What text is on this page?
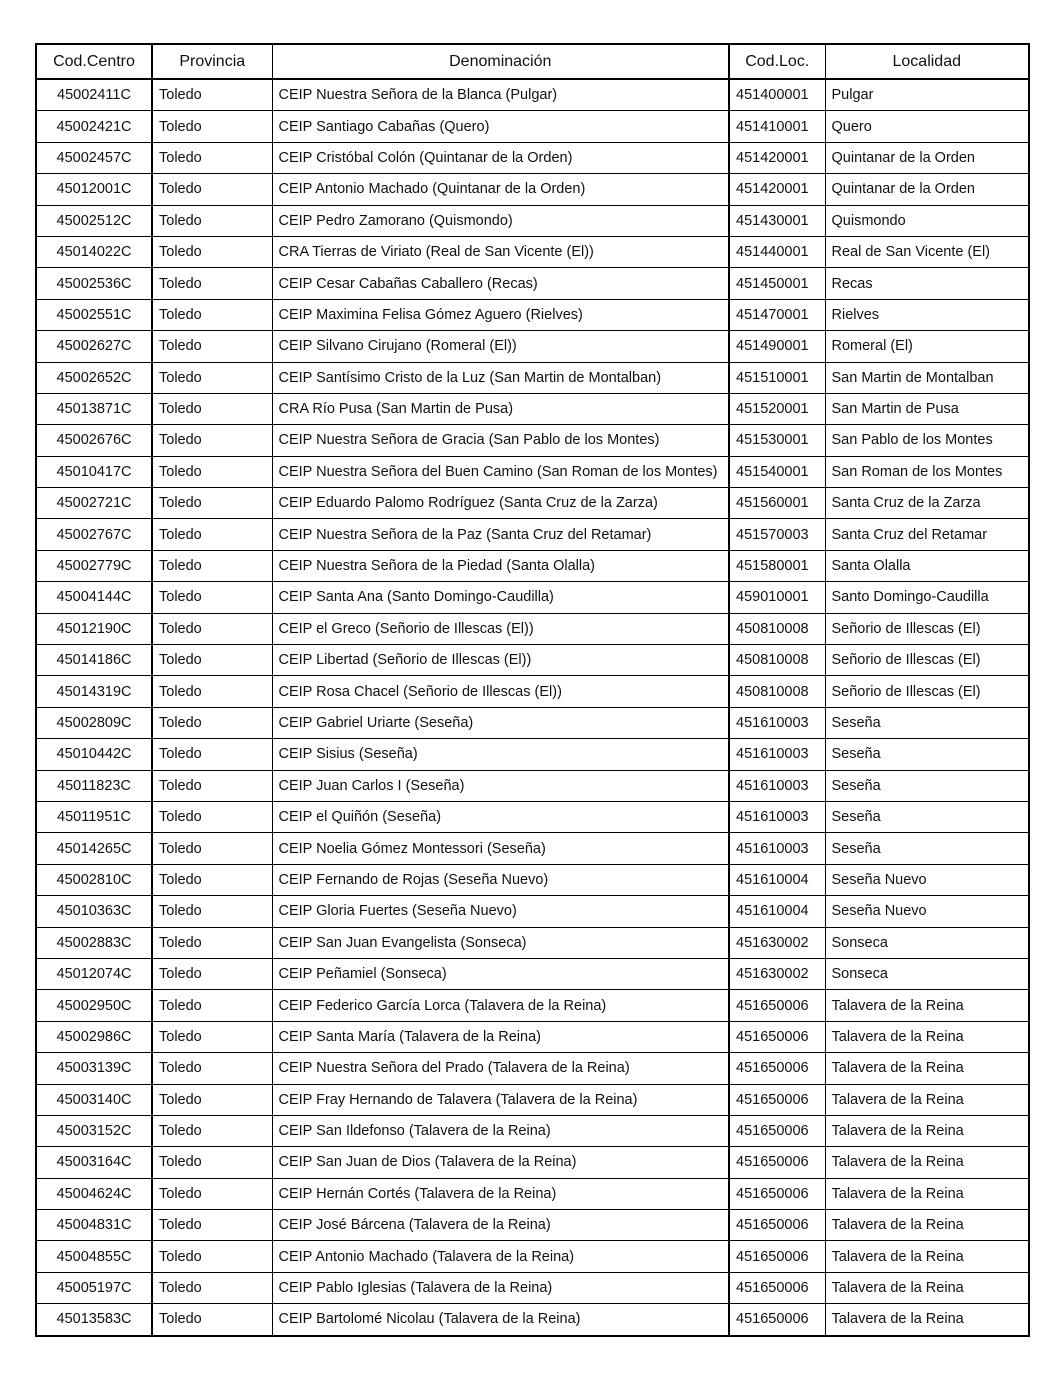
Cod.Centro	Provincia	Denominación	Cod.Loc.	Localidad
45002411C	Toledo	CEIP Nuestra Señora de la Blanca (Pulgar)	451400001	Pulgar
45002421C	Toledo	CEIP Santiago Cabañas (Quero)	451410001	Quero
45002457C	Toledo	CEIP Cristóbal Colón (Quintanar de la Orden)	451420001	Quintanar de la Orden
45012001C	Toledo	CEIP Antonio Machado (Quintanar de la Orden)	451420001	Quintanar de la Orden
45002512C	Toledo	CEIP Pedro Zamorano (Quismondo)	451430001	Quismondo
45014022C	Toledo	CRA Tierras de Viriato (Real de San Vicente (El))	451440001	Real de San Vicente (El)
45002536C	Toledo	CEIP Cesar Cabañas Caballero (Recas)	451450001	Recas
45002551C	Toledo	CEIP Maximina Felisa Gómez Aguero (Rielves)	451470001	Rielves
45002627C	Toledo	CEIP Silvano Cirujano (Romeral (El))	451490001	Romeral (El)
45002652C	Toledo	CEIP Santísimo Cristo de la Luz (San Martin de Montalban)	451510001	San Martin de Montalban
45013871C	Toledo	CRA Río Pusa (San Martin de Pusa)	451520001	San Martin de Pusa
45002676C	Toledo	CEIP Nuestra Señora de Gracia (San Pablo de los Montes)	451530001	San Pablo de los Montes
45010417C	Toledo	CEIP Nuestra Señora del Buen Camino (San Roman de los Montes)	451540001	San Roman de los Montes
45002721C	Toledo	CEIP Eduardo Palomo Rodríguez (Santa Cruz de la Zarza)	451560001	Santa Cruz de la Zarza
45002767C	Toledo	CEIP Nuestra Señora de la Paz (Santa Cruz del Retamar)	451570003	Santa Cruz del Retamar
45002779C	Toledo	CEIP Nuestra Señora de la Piedad (Santa Olalla)	451580001	Santa Olalla
45004144C	Toledo	CEIP Santa Ana (Santo Domingo-Caudilla)	459010001	Santo Domingo-Caudilla
45012190C	Toledo	CEIP el Greco (Señorio de Illescas (El))	450810008	Señorio de Illescas (El)
45014186C	Toledo	CEIP Libertad (Señorio de Illescas (El))	450810008	Señorio de Illescas (El)
45014319C	Toledo	CEIP Rosa Chacel (Señorio de Illescas (El))	450810008	Señorio de Illescas (El)
45002809C	Toledo	CEIP Gabriel Uriarte (Seseña)	451610003	Seseña
45010442C	Toledo	CEIP Sisius (Seseña)	451610003	Seseña
45011823C	Toledo	CEIP Juan Carlos I (Seseña)	451610003	Seseña
45011951C	Toledo	CEIP el Quiñón (Seseña)	451610003	Seseña
45014265C	Toledo	CEIP Noelia Gómez Montessori (Seseña)	451610003	Seseña
45002810C	Toledo	CEIP Fernando de Rojas (Seseña Nuevo)	451610004	Seseña Nuevo
45010363C	Toledo	CEIP Gloria Fuertes (Seseña Nuevo)	451610004	Seseña Nuevo
45002883C	Toledo	CEIP San Juan Evangelista (Sonseca)	451630002	Sonseca
45012074C	Toledo	CEIP Peñamiel (Sonseca)	451630002	Sonseca
45002950C	Toledo	CEIP Federico García Lorca (Talavera de la Reina)	451650006	Talavera de la Reina
45002986C	Toledo	CEIP Santa María (Talavera de la Reina)	451650006	Talavera de la Reina
45003139C	Toledo	CEIP Nuestra Señora del Prado (Talavera de la Reina)	451650006	Talavera de la Reina
45003140C	Toledo	CEIP Fray Hernando de Talavera (Talavera de la Reina)	451650006	Talavera de la Reina
45003152C	Toledo	CEIP San Ildefonso (Talavera de la Reina)	451650006	Talavera de la Reina
45003164C	Toledo	CEIP San Juan de Dios (Talavera de la Reina)	451650006	Talavera de la Reina
45004624C	Toledo	CEIP Hernán Cortés (Talavera de la Reina)	451650006	Talavera de la Reina
45004831C	Toledo	CEIP José Bárcena (Talavera de la Reina)	451650006	Talavera de la Reina
45004855C	Toledo	CEIP Antonio Machado (Talavera de la Reina)	451650006	Talavera de la Reina
45005197C	Toledo	CEIP Pablo Iglesias (Talavera de la Reina)	451650006	Talavera de la Reina
45013583C	Toledo	CEIP Bartolomé Nicolau (Talavera de la Reina)	451650006	Talavera de la Reina
